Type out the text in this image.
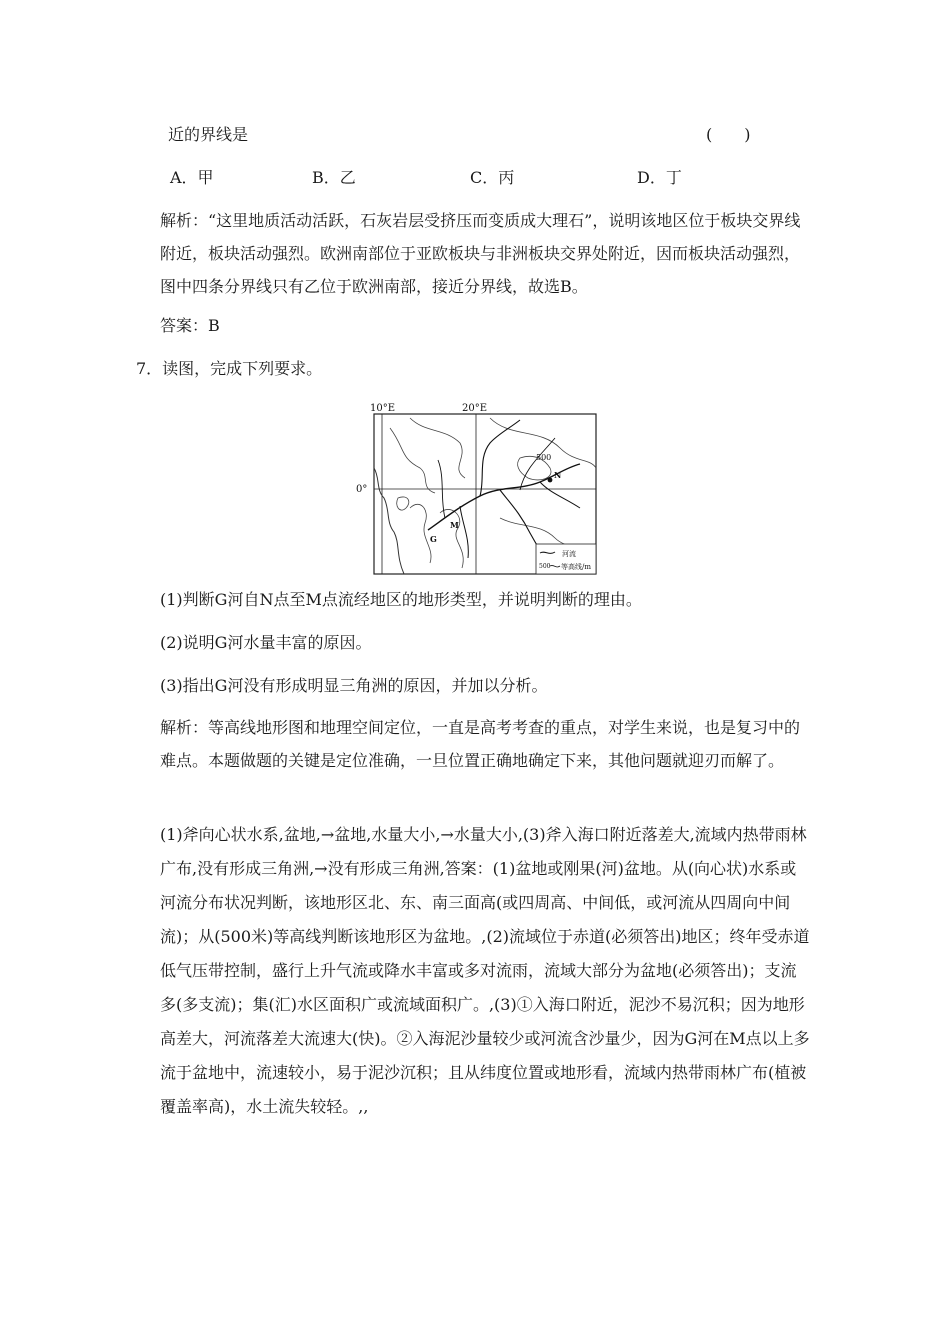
近的界线是	(　　)
A．甲	B．乙	C．丙	D．丁
解析：“这里地质活动活跃，石灰岩层受挤压而变质成大理石”，说明该地区位于板块交界线附近，板块活动强烈。欧洲南部位于亚欧板块与非洲板块交界处附近，因而板块活动强烈，图中四条分界线只有乙位于欧洲南部，接近分界线，故选B。
答案：B
7．读图，完成下列要求。
10°E	20°E
0°
500
N
M
G
河流
500 等高线/m
(1)判断G河自N点至M点流经地区的地形类型，并说明判断的理由。
(2)说明G河水量丰富的原因。
(3)指出G河没有形成明显三角洲的原因，并加以分析。
解析：等高线地形图和地理空间定位，一直是高考考查的重点，对学生来说，也是复习中的难点。本题做题的关键是定位准确，一旦位置正确地确定下来，其他问题就迎刃而解了。
(1)斧向心状水系,盆地,→盆地,水量大小,→水量大小,(3)斧入海口附近落差大,流域内热带雨林广布,没有形成三角洲,→没有形成三角洲,答案：(1)盆地或刚果(河)盆地。从(向心状)水系或河流分布状况判断，该地形区北、东、南三面高(或四周高、中间低，或河流从四周向中间流)；从(500米)等高线判断该地形区为盆地。,(2)流域位于赤道(必须答出)地区；终年受赤道低气压带控制，盛行上升气流或降水丰富或多对流雨，流域大部分为盆地(必须答出)；支流多(多支流)；集(汇)水区面积广或流域面积广。,(3)①入海口附近，泥沙不易沉积；因为地形高差大，河流落差大流速大(快)。②入海泥沙量较少或河流含沙量少，因为G河在M点以上多流于盆地中，流速较小，易于泥沙沉积；且从纬度位置或地形看，流域内热带雨林广布(植被覆盖率高)，水土流失较轻。,,
